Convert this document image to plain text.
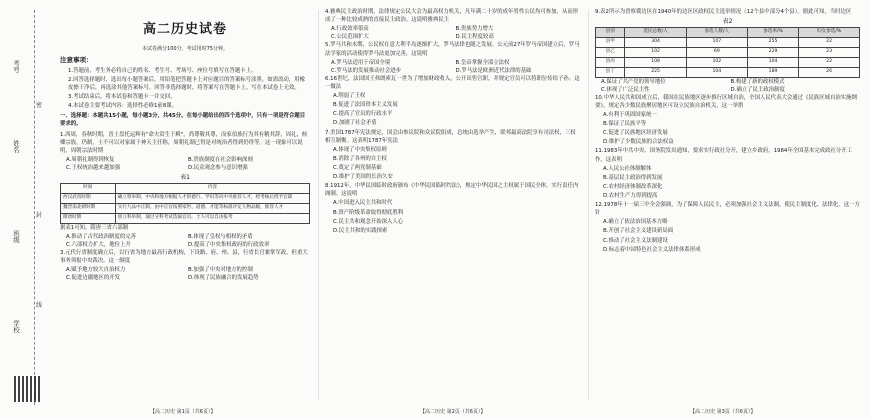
考号
姓名
班级
学校
密
封
线
高二历史试卷
本试卷满分100分，考试用时75分钟。
注意事项：
1.答题前，考生务必将自己的姓名、考生号、考场号、座位号填写在答题卡上。
2.回答选择题时，选出每小题答案后，用铅笔把答题卡上对应题目的答案标号涂黑。如需改动，用橡皮擦干净后，再选涂其他答案标号。回答非选择题时，将答案写在答题卡上。写在本试卷上无效。
3.考试结束后，将本试卷和答题卡一并交回。
4.本试卷主要考试内容：选择性必修1前8课。
一、选择题：本题共15小题，每小题3分，共45分。在每小题给出的四个选项中，只有一项是符合题目要求的。
1.西周，春秋时期，晋土盘托运辉有"命夫赏生于殿"，尚尊敬其尊，而家伯族行为其有精其辞，周礼，候卿宗族，仍制，士不可以对家属于神天主任称，周朝礼制已得是对统治者得到仍得等。这一现象可以说明，周朝宗法时期
A.周朝礼制得到恢复	B.贵族制度在社会影响深刻
C.王权统治越来越加强	D.民众观念参与意识增强
表1
时间	内容
西汉武帝时期	确立察举制，中央和地方根据人才的德行、学识等向中央推荐人才，经考核后授予官职
魏晋南北朝时期	实行九品中正制，由中正官按照家世、道德、才能等标准评定人物品级，推荐人才
隋唐时期	创立科举制，通过分科考试选拔官员，士人可以自由报考
据表1可知，隋唐三省六部制
A.推动了古代政治制度的完善	B.体现了皇权与相权的矛盾
C.六部权力扩大，地位上升	D.提高了中央集权政府的行政效率
3.元代行省制度确立后，以行省为地方最高行政机构，下设路、府、州、县，行省长官兼掌军政，但重大事务须报中央裁决。这一制度
A.赋予地方较大自治权力	B.加强了中央对地方的控制
C.促进边疆地区的开发	D.体现了民族融合的发展趋势
4.雅典民主政治时期，法律规定公民大会为最高权力机关，凡年满二十岁的成年男性公民均可参加，从而形成了一种比较成熟的直接民主政治。这说明雅典民主
A.行政效率很高	B.贵族势力增大
C.公民范围扩大	D.民主程度较高
5.罗马共和末期，公民权在意大利半岛逐渐扩大，罗马法律也随之发展。公元前27年罗马帝国建立后，罗马法学家的活动使得罗马法更加完善，这说明
A.罗马法适用于帝国全境	B.皇帝掌握全部立法权
C.罗马法的发展推动社会进步	D.罗马法是欧洲近代法律的基础
6.16世纪，法国国王弗朗索瓦一世为了增加财政收入，公开出售官职，并规定官员可以将职位传给子孙。这一做法
A.削弱了王权
B.促进了法国资本主义发展
C.提高了官员的行政水平
D.加剧了社会矛盾
7.美国1787年宪法规定，国会由参议院和众议院组成，总统由选举产生，联邦最高法院享有司法权，三权相互制衡。这表明1787年宪法
A.体现了中央集权原则
B.消除了各州的自主权
C.奠定了两党制基础
D.维护了美国的长治久安
8.1912年，中华民国临时政府颁布《中华民国临时约法》，规定中华民国之主权属于国民全体，实行责任内阁制。这说明
A.中国进入民主共和时代
B.资产阶级革命取得彻底胜利
C.民主共和观念开始深入人心
D.民主共和的实践探索
9.表2所示为晋察冀边区在1940年的边区区政权民主选举情况（12个县中部分4个县）。据此可知，当时边区
表2
县别	选民总数/人	参选人数/人	参选率/%	妇女参选/%
县甲	304	107	255	22
县乙	102	69	229	23
县丙	108	102	104	22
县丁	225	104	189	26
A.保证了共产党的领导地位	B.构建了新的政权模式
C.体现了广泛民主性	D.确立了民主政治制度
10.中华人民共和国成立后，我国在民族地区逐步推行区域自治，全国人民代表大会通过《民族区域自治实施纲要》，规定各少数民族聚居地区可设立民族自治机关。这一举措
A.有利于巩固国家统一
B.保证了民族平等
C.促进了民族地区经济发展
D.维护了少数民族的合法权益
11.1983年中共中央、国务院发出通知，要求实行政社分开，建立乡政府。1984年全国基本完成政社分开工作，这表明
A.人民公社体制解体
B.基层民主政治得到发展
C.农村经济体制改革深化
D.农村生产力得到提高
12.1978年十一届三中全会强调，为了保障人民民主，必须加强社会主义法制，使民主制度化、法律化。这一方针
A.确立了依法治国基本方略
B.开创了社会主义建设新局面
C.推动了社会主义法制建设
D.标志着中国特色社会主义法律体系形成
【高二历史 第1页（共6页）】	【高二历史 第2页（共6页）】	【高二历史 第3页（共6页）】
